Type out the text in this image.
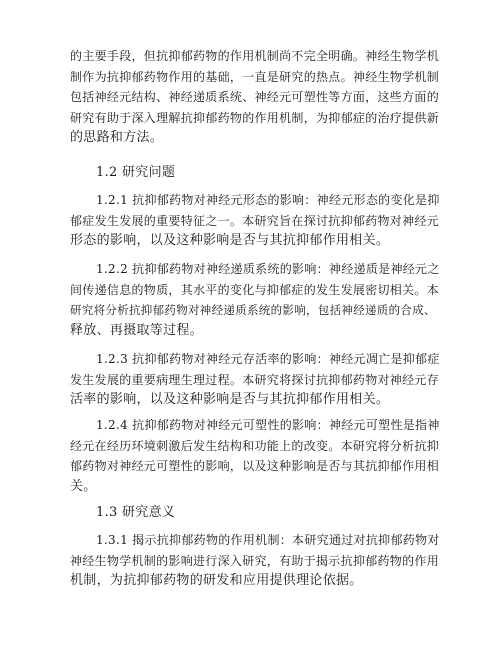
的主要手段，但抗抑郁药物的作用机制尚不完全明确。神经生物学机
制作为抗抑郁药物作用的基础，一直是研究的热点。神经生物学机制
包括神经元结构、神经递质系统、神经元可塑性等方面，这些方面的
研究有助于深入理解抗抑郁药物的作用机制，为抑郁症的治疗提供新
的思路和方法。
1.2 研究问题
1.2.1 抗抑郁药物对神经元形态的影响：神经元形态的变化是抑
郁症发生发展的重要特征之一。本研究旨在探讨抗抑郁药物对神经元
形态的影响，以及这种影响是否与其抗抑郁作用相关。
1.2.2 抗抑郁药物对神经递质系统的影响：神经递质是神经元之
间传递信息的物质，其水平的变化与抑郁症的发生发展密切相关。本
研究将分析抗抑郁药物对神经递质系统的影响，包括神经递质的合成、
释放、再摄取等过程。
1.2.3 抗抑郁药物对神经元存活率的影响：神经元凋亡是抑郁症
发生发展的重要病理生理过程。本研究将探讨抗抑郁药物对神经元存
活率的影响，以及这种影响是否与其抗抑郁作用相关。
1.2.4 抗抑郁药物对神经元可塑性的影响：神经元可塑性是指神
经元在经历环境刺激后发生结构和功能上的改变。本研究将分析抗抑
郁药物对神经元可塑性的影响，以及这种影响是否与其抗抑郁作用相
关。
1.3 研究意义
1.3.1 揭示抗抑郁药物的作用机制：本研究通过对抗抑郁药物对
神经生物学机制的影响进行深入研究，有助于揭示抗抑郁药物的作用
机制，为抗抑郁药物的研发和应用提供理论依据。
